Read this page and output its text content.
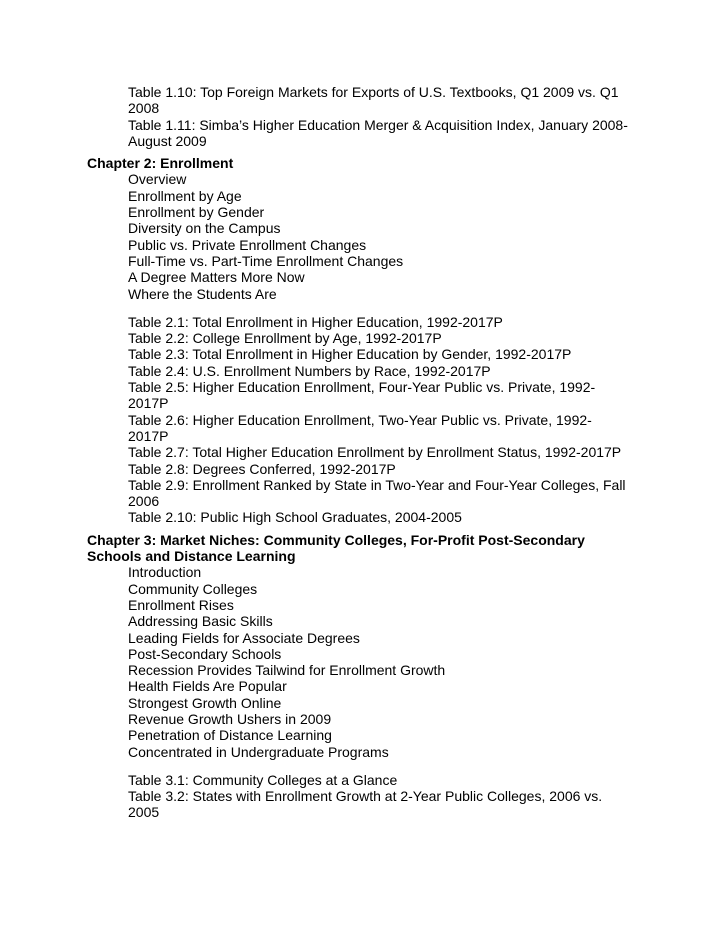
Table 1.10: Top Foreign Markets for Exports of U.S. Textbooks, Q1 2009 vs. Q1
2008
Table 1.11: Simba’s Higher Education Merger & Acquisition Index, January 2008-
August 2009
Chapter 2: Enrollment
Overview
Enrollment by Age
Enrollment by Gender
Diversity on the Campus
Public vs. Private Enrollment Changes
Full-Time vs. Part-Time Enrollment Changes
A Degree Matters More Now
Where the Students Are
Table 2.1: Total Enrollment in Higher Education, 1992-2017P
Table 2.2: College Enrollment by Age, 1992-2017P
Table 2.3: Total Enrollment in Higher Education by Gender, 1992-2017P
Table 2.4: U.S. Enrollment Numbers by Race, 1992-2017P
Table 2.5: Higher Education Enrollment, Four-Year Public vs. Private, 1992-
2017P
Table 2.6: Higher Education Enrollment, Two-Year Public vs. Private, 1992-
2017P
Table 2.7: Total Higher Education Enrollment by Enrollment Status, 1992-2017P
Table 2.8: Degrees Conferred, 1992-2017P
Table 2.9: Enrollment Ranked by State in Two-Year and Four-Year Colleges, Fall
2006
Table 2.10: Public High School Graduates, 2004-2005
Chapter 3: Market Niches: Community Colleges, For-Profit Post-Secondary
Schools and Distance Learning
Introduction
Community Colleges
Enrollment Rises
Addressing Basic Skills
Leading Fields for Associate Degrees
Post-Secondary Schools
Recession Provides Tailwind for Enrollment Growth
Health Fields Are Popular
Strongest Growth Online
Revenue Growth Ushers in 2009
Penetration of Distance Learning
Concentrated in Undergraduate Programs
Table 3.1: Community Colleges at a Glance
Table 3.2: States with Enrollment Growth at 2-Year Public Colleges, 2006 vs.
2005
